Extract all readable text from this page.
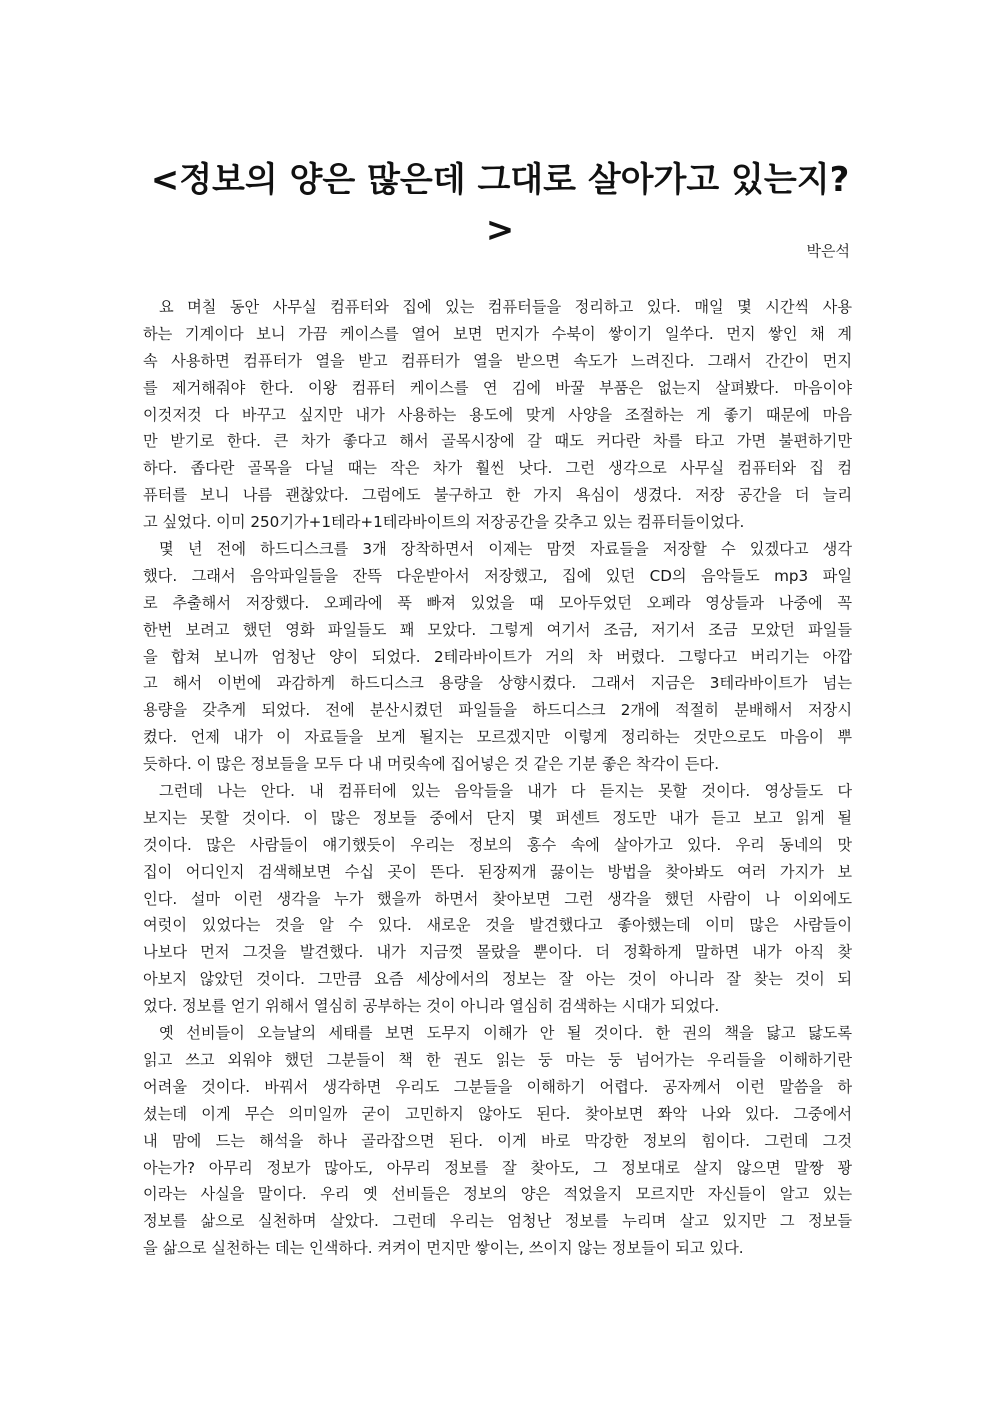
<정보의 양은 많은데 그대로 살아가고 있는지?>
박은석
요 며칠 동안 사무실 컴퓨터와 집에 있는 컴퓨터들을 정리하고 있다. 매일 몇 시간씩 사용
하는 기계이다 보니 가끔 케이스를 열어 보면 먼지가 수북이 쌓이기 일쑤다. 먼지 쌓인 채 계
속 사용하면 컴퓨터가 열을 받고 컴퓨터가 열을 받으면 속도가 느려진다. 그래서 간간이 먼지
를 제거해줘야 한다. 이왕 컴퓨터 케이스를 연 김에 바꿀 부품은 없는지 살펴봤다. 마음이야
이것저것 다 바꾸고 싶지만 내가 사용하는 용도에 맞게 사양을 조절하는 게 좋기 때문에 마음
만 받기로 한다. 큰 차가 좋다고 해서 골목시장에 갈 때도 커다란 차를 타고 가면 불편하기만
하다. 좁다란 골목을 다닐 때는 작은 차가 훨씬 낫다. 그런 생각으로 사무실 컴퓨터와 집 컴
퓨터를 보니 나름 괜찮았다. 그럼에도 불구하고 한 가지 욕심이 생겼다. 저장 공간을 더 늘리
고 싶었다. 이미 250기가+1테라+1테라바이트의 저장공간을 갖추고 있는 컴퓨터들이었다.
몇 년 전에 하드디스크를 3개 장착하면서 이제는 맘껏 자료들을 저장할 수 있겠다고 생각
했다. 그래서 음악파일들을 잔뜩 다운받아서 저장했고, 집에 있던 CD의 음악들도 mp3 파일
로 추출해서 저장했다. 오페라에 푹 빠져 있었을 때 모아두었던 오페라 영상들과 나중에 꼭
한번 보려고 했던 영화 파일들도 꽤 모았다. 그렇게 여기서 조금, 저기서 조금 모았던 파일들
을 합쳐 보니까 엄청난 양이 되었다. 2테라바이트가 거의 차 버렸다. 그렇다고 버리기는 아깝
고 해서 이번에 과감하게 하드디스크 용량을 상향시켰다. 그래서 지금은 3테라바이트가 넘는
용량을 갖추게 되었다. 전에 분산시켰던 파일들을 하드디스크 2개에 적절히 분배해서 저장시
켰다. 언제 내가 이 자료들을 보게 될지는 모르겠지만 이렇게 정리하는 것만으로도 마음이 뿌
듯하다. 이 많은 정보들을 모두 다 내 머릿속에 집어넣은 것 같은 기분 좋은 착각이 든다.
그런데 나는 안다. 내 컴퓨터에 있는 음악들을 내가 다 듣지는 못할 것이다. 영상들도 다
보지는 못할 것이다. 이 많은 정보들 중에서 단지 몇 퍼센트 정도만 내가 듣고 보고 읽게 될
것이다. 많은 사람들이 얘기했듯이 우리는 정보의 홍수 속에 살아가고 있다. 우리 동네의 맛
집이 어디인지 검색해보면 수십 곳이 뜬다. 된장찌개 끓이는 방법을 찾아봐도 여러 가지가 보
인다. 설마 이런 생각을 누가 했을까 하면서 찾아보면 그런 생각을 했던 사람이 나 이외에도
여럿이 있었다는 것을 알 수 있다. 새로운 것을 발견했다고 좋아했는데 이미 많은 사람들이
나보다 먼저 그것을 발견했다. 내가 지금껏 몰랐을 뿐이다. 더 정확하게 말하면 내가 아직 찾
아보지 않았던 것이다. 그만큼 요즘 세상에서의 정보는 잘 아는 것이 아니라 잘 찾는 것이 되
었다. 정보를 얻기 위해서 열심히 공부하는 것이 아니라 열심히 검색하는 시대가 되었다.
옛 선비들이 오늘날의 세태를 보면 도무지 이해가 안 될 것이다. 한 권의 책을 닳고 닳도록
읽고 쓰고 외워야 했던 그분들이 책 한 권도 읽는 둥 마는 둥 넘어가는 우리들을 이해하기란
어려울 것이다. 바꿔서 생각하면 우리도 그분들을 이해하기 어렵다. 공자께서 이런 말씀을 하
셨는데 이게 무슨 의미일까 굳이 고민하지 않아도 된다. 찾아보면 쫘악 나와 있다. 그중에서
내 맘에 드는 해석을 하나 골라잡으면 된다. 이게 바로 막강한 정보의 힘이다. 그런데 그것
아는가? 아무리 정보가 많아도, 아무리 정보를 잘 찾아도, 그 정보대로 살지 않으면 말짱 꽝
이라는 사실을 말이다. 우리 옛 선비들은 정보의 양은 적었을지 모르지만 자신들이 알고 있는
정보를 삶으로 실천하며 살았다. 그런데 우리는 엄청난 정보를 누리며 살고 있지만 그 정보들
을 삶으로 실천하는 데는 인색하다. 켜켜이 먼지만 쌓이는, 쓰이지 않는 정보들이 되고 있다.
